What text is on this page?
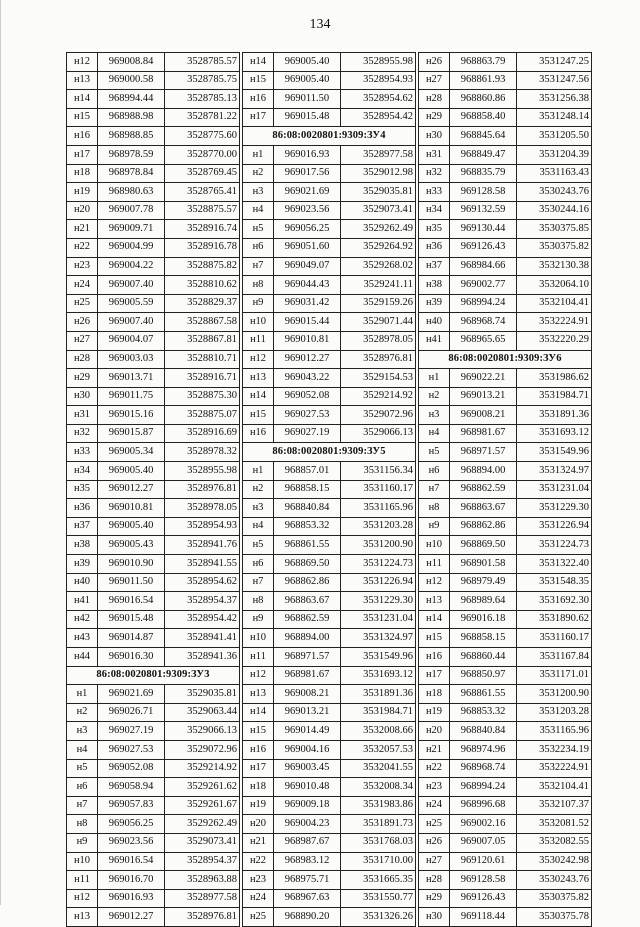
134
н12	969008.84	3528785.57
н13	969000.58	3528785.75
н14	968994.44	3528785.13
н15	968988.98	3528781.22
н16	968988.85	3528775.60
н17	968978.59	3528770.00
н18	968978.84	3528769.45
н19	968980.63	3528765.41
н20	969007.78	3528875.57
н21	969009.71	3528916.74
н22	969004.99	3528916.78
н23	969004.22	3528875.82
н24	969007.40	3528810.62
н25	969005.59	3528829.37
н26	969007.40	3528867.58
н27	969004.07	3528867.81
н28	969003.03	3528810.71
н29	969013.71	3528916.71
н30	969011.75	3528875.30
н31	969015.16	3528875.07
н32	969015.87	3528916.69
н33	969005.34	3528978.32
н34	969005.40	3528955.98
н35	969012.27	3528976.81
н36	969010.81	3528978.05
н37	969005.40	3528954.93
н38	969005.43	3528941.76
н39	969010.90	3528941.55
н40	969011.50	3528954.62
н41	969016.54	3528954.37
н42	969015.48	3528954.42
н43	969014.87	3528941.41
н44	969016.30	3528941.36
86:08:0020801:9309:ЗУ3		
н1	969021.69	3529035.81
н2	969026.71	3529063.44
н3	969027.19	3529066.13
н4	969027.53	3529072.96
н5	969052.08	3529214.92
н6	969058.94	3529261.62
н7	969057.83	3529261.67
н8	969056.25	3529262.49
н9	969023.56	3529073.41
н10	969016.54	3528954.37
н11	969016.70	3528963.88
н12	969016.93	3528977.58
н13	969012.27	3528976.81
н14	969005.40	3528955.98
н15	969005.40	3528954.93
н16	969011.50	3528954.62
н17	969015.48	3528954.42
86:08:0020801:9309:ЗУ4		
н1	969016.93	3528977.58
н2	969017.56	3529012.98
н3	969021.69	3529035.81
н4	969023.56	3529073.41
н5	969056.25	3529262.49
н6	969051.60	3529264.92
н7	969049.07	3529268.02
н8	969044.43	3529241.11
н9	969031.42	3529159.26
н10	969015.44	3529071.44
н11	969010.81	3528978.05
н12	969012.27	3528976.81
н13	969043.22	3529154.53
н14	969052.08	3529214.92
н15	969027.53	3529072.96
н16	969027.19	3529066.13
86:08:0020801:9309:ЗУ5		
н1	968857.01	3531156.34
н2	968858.15	3531160.17
н3	968840.84	3531165.96
н4	968853.32	3531203.28
н5	968861.55	3531200.90
н6	968869.50	3531224.73
н7	968862.86	3531226.94
н8	968863.67	3531229.30
н9	968862.59	3531231.04
н10	968894.00	3531324.97
н11	968971.57	3531549.96
н12	968981.67	3531693.12
н13	969008.21	3531891.36
н14	969013.21	3531984.71
н15	969014.49	3532008.66
н16	969004.16	3532057.53
н17	969003.45	3532041.55
н18	969010.48	3532008.34
н19	969009.18	3531983.86
н20	969004.23	3531891.73
н21	968987.67	3531768.03
н22	968983.12	3531710.00
н23	968975.71	3531665.35
н24	968967.63	3531550.77
н25	968890.20	3531326.26
н26	968863.79	3531247.25
н27	968861.93	3531247.56
н28	968860.86	3531256.38
н29	968858.40	3531248.14
н30	968845.64	3531205.50
н31	968849.47	3531204.39
н32	968835.79	3531163.43
н33	969128.58	3530243.76
н34	969132.59	3530244.16
н35	969130.44	3530375.85
н36	969126.43	3530375.82
н37	968984.66	3532130.38
н38	969002.77	3532064.10
н39	968994.24	3532104.41
н40	968968.74	3532224.91
н41	968965.65	3532220.29
86:08:0020801:9309:ЗУ6		
н1	969022.21	3531986.62
н2	969013.21	3531984.71
н3	969008.21	3531891.36
н4	968981.67	3531693.12
н5	968971.57	3531549.96
н6	968894.00	3531324.97
н7	968862.59	3531231.04
н8	968863.67	3531229.30
н9	968862.86	3531226.94
н10	968869.50	3531224.73
н11	968901.58	3531322.40
н12	968979.49	3531548.35
н13	968989.64	3531692.30
н14	969016.18	3531890.62
н15	968858.15	3531160.17
н16	968860.44	3531167.84
н17	968850.97	3531171.01
н18	968861.55	3531200.90
н19	968853.32	3531203.28
н20	968840.84	3531165.96
н21	968974.96	3532234.19
н22	968968.74	3532224.91
н23	968994.24	3532104.41
н24	968996.68	3532107.37
н25	969002.16	3532081.52
н26	969007.05	3532082.55
н27	969120.61	3530242.98
н28	969128.58	3530243.76
н29	969126.43	3530375.82
н30	969118.44	3530375.78
